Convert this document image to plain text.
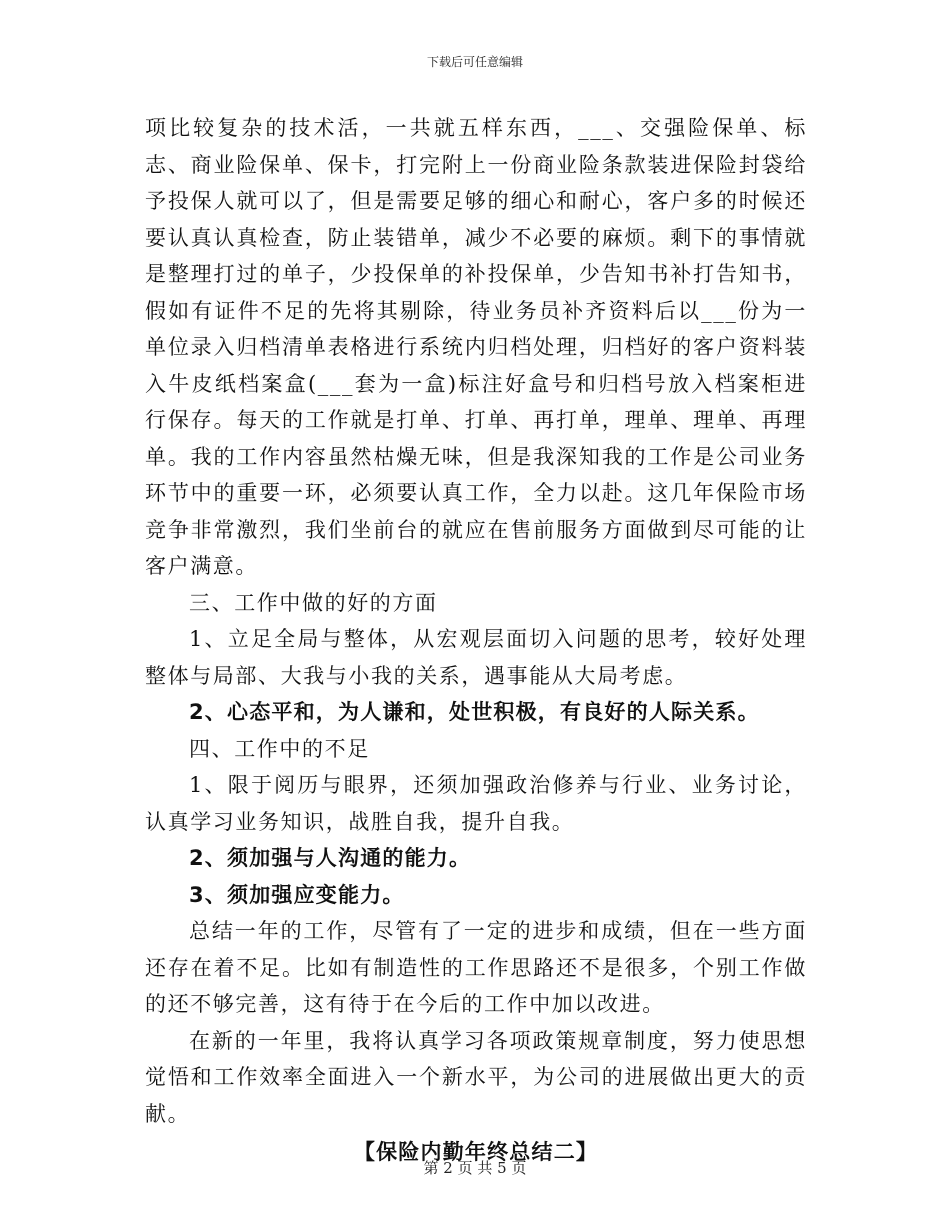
下载后可任意编辑

项比较复杂的技术活，一共就五样东西，___、交强险保单、标志、商业险保单、保卡，打完附上一份商业险条款装进保险封袋给予投保人就可以了，但是需要足够的细心和耐心，客户多的时候还要认真认真检查，防止装错单，减少不必要的麻烦。剩下的事情就是整理打过的单子，少投保单的补投保单，少告知书补打告知书，假如有证件不足的先将其剔除，待业务员补齐资料后以___份为一单位录入归档清单表格进行系统内归档处理，归档好的客户资料装入牛皮纸档案盒(___套为一盒)标注好盒号和归档号放入档案柜进行保存。每天的工作就是打单、打单、再打单，理单、理单、再理单。我的工作内容虽然枯燥无味，但是我深知我的工作是公司业务环节中的重要一环，必须要认真工作，全力以赴。这几年保险市场竞争非常激烈，我们坐前台的就应在售前服务方面做到尽可能的让客户满意。

三、工作中做的好的方面

1、立足全局与整体，从宏观层面切入问题的思考，较好处理整体与局部、大我与小我的关系，遇事能从大局考虑。

2、心态平和，为人谦和，处世积极，有良好的人际关系。

四、工作中的不足

1、限于阅历与眼界，还须加强政治修养与行业、业务讨论，认真学习业务知识，战胜自我，提升自我。

2、须加强与人沟通的能力。

3、须加强应变能力。

总结一年的工作，尽管有了一定的进步和成绩，但在一些方面还存在着不足。比如有制造性的工作思路还不是很多，个别工作做的还不够完善，这有待于在今后的工作中加以改进。

在新的一年里，我将认真学习各项政策规章制度，努力使思想觉悟和工作效率全面进入一个新水平，为公司的进展做出更大的贡献。

【保险内勤年终总结二】

第 2 页 共 5 页
